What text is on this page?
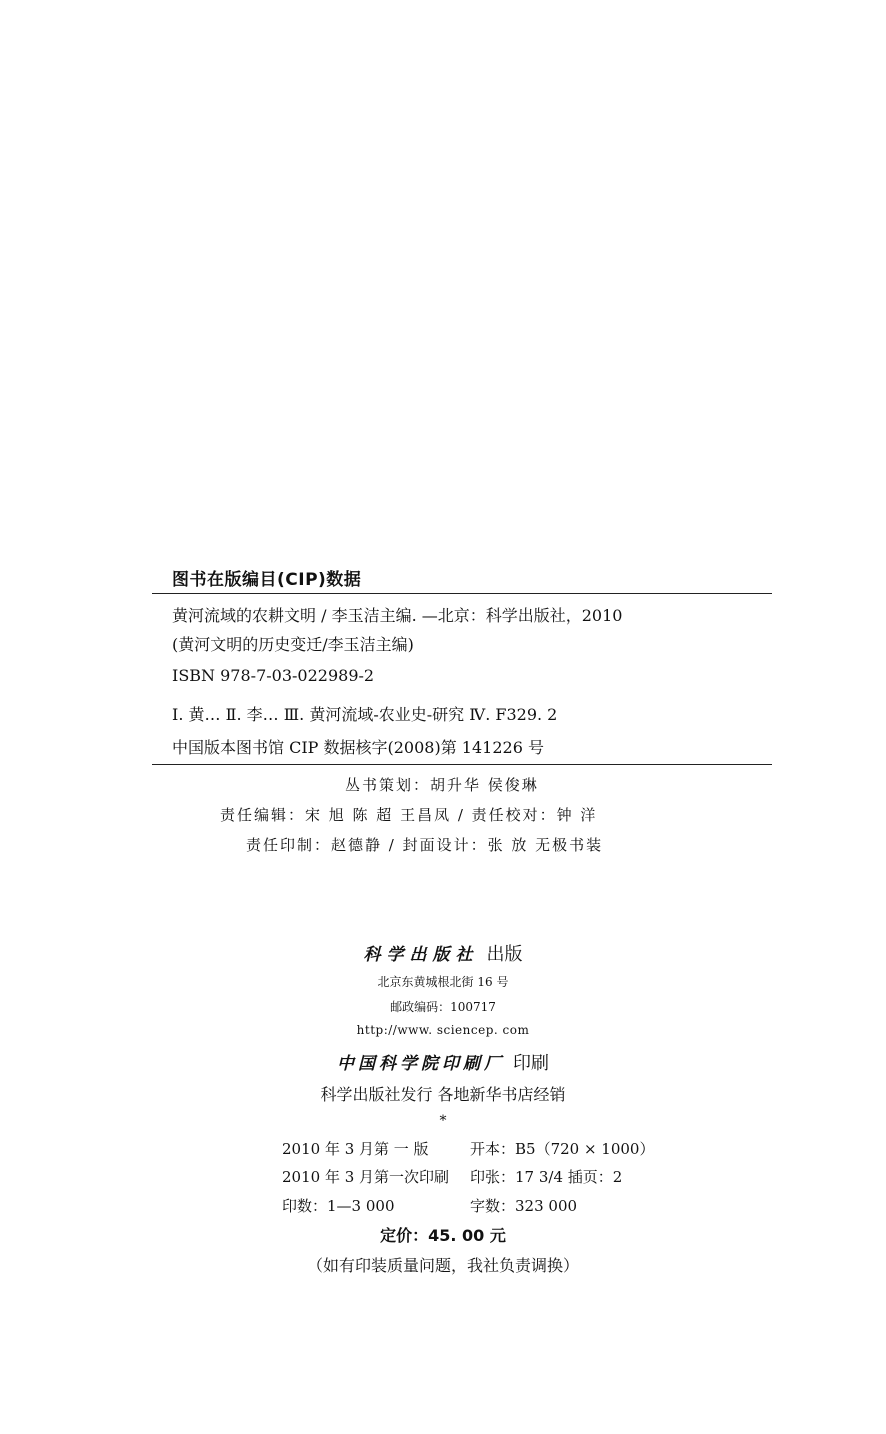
图书在版编目(CIP)数据
黄河流域的农耕文明 / 李玉洁主编. —北京：科学出版社，2010
(黄河文明的历史变迁/李玉洁主编)
ISBN 978-7-03-022989-2
Ⅰ. 黄… Ⅱ. 李… Ⅲ. 黄河流域-农业史-研究 Ⅳ. F329. 2
中国版本图书馆 CIP 数据核字(2008)第 141226 号
丛书策划：胡升华 侯俊琳
责任编辑：宋 旭 陈 超 王昌凤 / 责任校对：钟 洋
责任印制：赵德静 / 封面设计：张 放 无极书装
科学出版社 出版
北京东黄城根北街 16 号
邮政编码：100717
http://www. sciencep. com
中国科学院印刷厂 印刷
科学出版社发行 各地新华书店经销
*
2010 年 3 月第 一 版	开本：B5（720 × 1000）
2010 年 3 月第一次印刷 印张：17 3/4 插页：2
印数：1—3 000	字数：323 000
定价：45. 00 元
（如有印装质量问题，我社负责调换）
